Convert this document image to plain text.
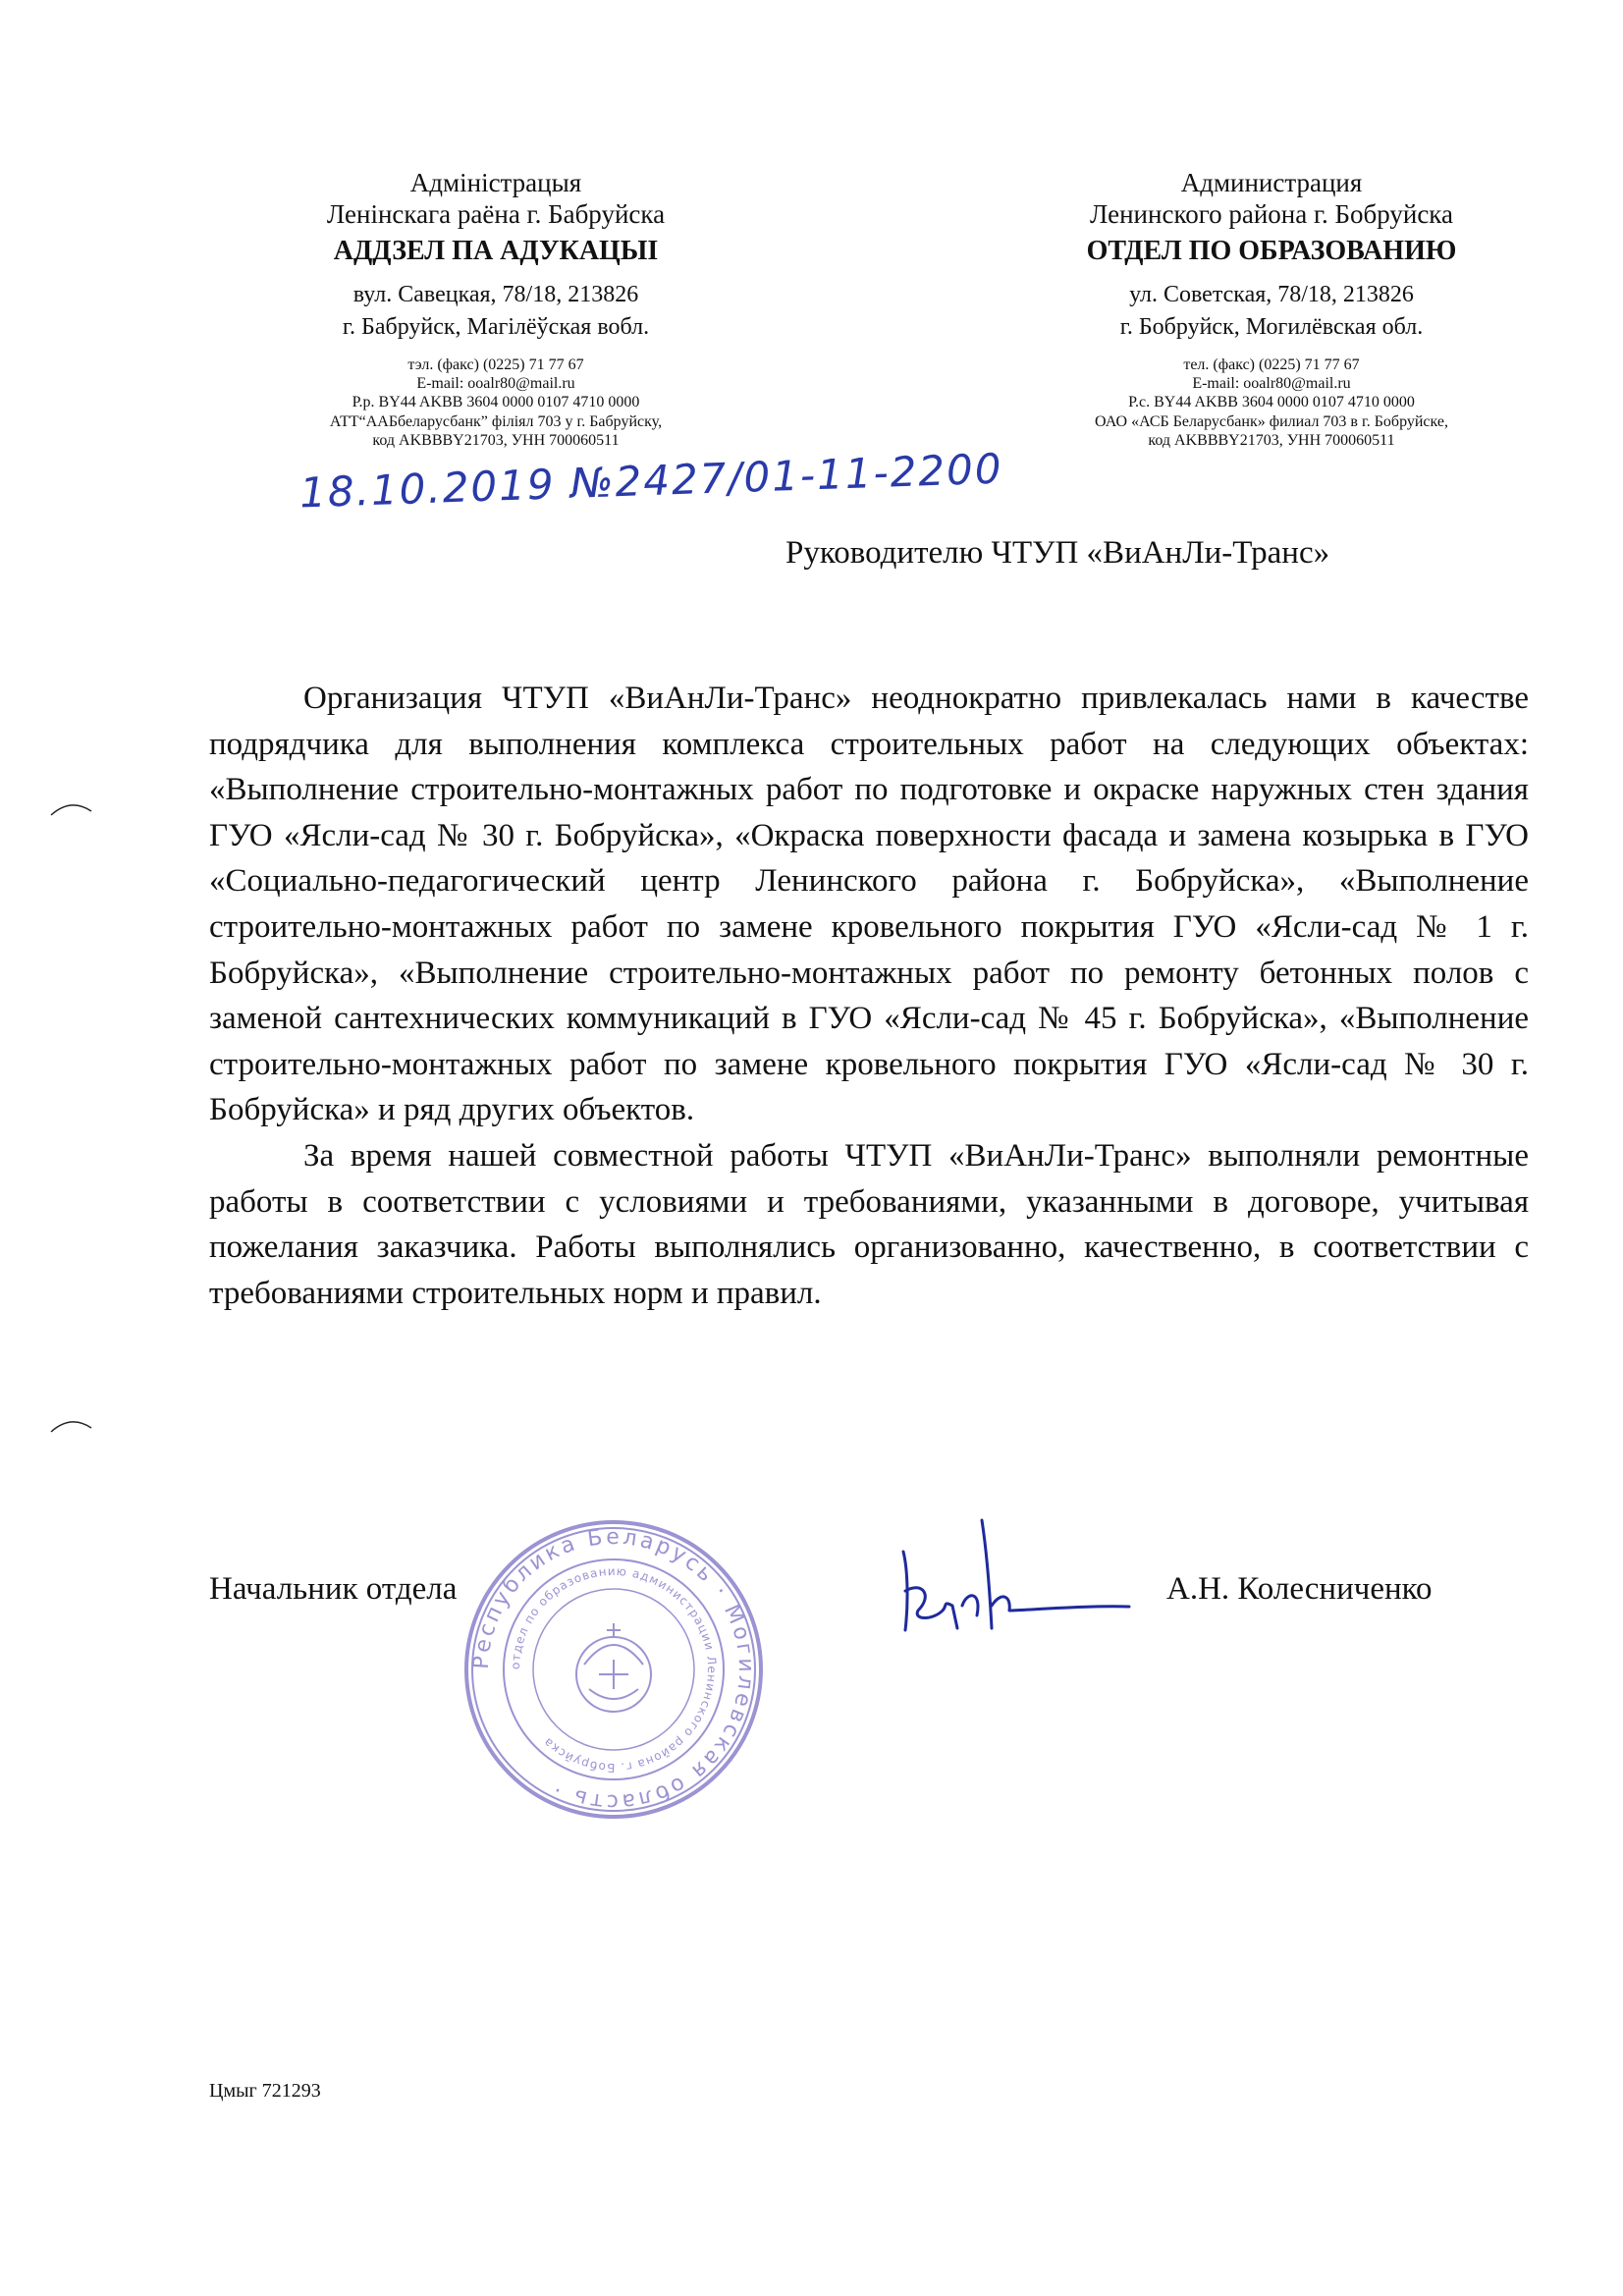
Адміністрацыя
Ленінскага раёна г. Бабруйска
АДДЗЕЛ ПА АДУКАЦЫІ
вул. Савецкая, 78/18, 213826
г. Бабруйск, Магілёўская вобл.
тэл. (факс) (0225) 71 77 67
E-mail: ooalr80@mail.ru
Р.р. BY44 AKBB 3604 0000 0107 4710 0000
АТТ“ААБбеларусбанк” філіял 703 у г. Бабруйску,
код AKBBBY21703, УНН 700060511
Администрация
Ленинского района г. Бобруйска
ОТДЕЛ ПО ОБРАЗОВАНИЮ
ул. Советская, 78/18, 213826
г. Бобруйск, Могилёвская обл.
тел. (факс) (0225) 71 77 67
E-mail: ooalr80@mail.ru
Р.с. BY44 AKBB 3604 0000 0107 4710 0000
ОАО «АСБ Беларусбанк» филиал 703 в г. Бобруйске,
код AKBBBY21703, УНН 700060511
18.10.2019 №2427/01-11-2200
Руководителю ЧТУП «ВиАнЛи-Транс»

Организация ЧТУП «ВиАнЛи-Транс» неоднократно привлекалась нами в качестве подрядчика для выполнения комплекса строительных работ на следующих объектах: «Выполнение строительно-монтажных работ по подготовке и окраске наружных стен здания ГУО «Ясли-сад № 30 г. Бобруйска», «Окраска поверхности фасада и замена козырька в ГУО «Социально-педагогический центр Ленинского района г. Бобруйска», «Выполнение строительно-монтажных работ по замене кровельного покрытия ГУО «Ясли-сад № 1 г. Бобруйска», «Выполнение строительно-монтажных работ по ремонту бетонных полов с заменой сантехнических коммуникаций в ГУО «Ясли-сад № 45 г. Бобруйска», «Выполнение строительно-монтажных работ по замене кровельного покрытия ГУО «Ясли-сад № 30 г. Бобруйска» и ряд других объектов.

За время нашей совместной работы ЧТУП «ВиАнЛи-Транс» выполняли ремонтные работы в соответствии с условиями и требованиями, указанными в договоре, учитывая пожелания заказчика. Работы выполнялись организованно, качественно, в соответствии с требованиями строительных норм и правил.

Начальник отдела	А.Н. Колесниченко
Республика Беларусь · Могилевская область ·
отдел по образованию администрации Ленинского района г. Бобруйска
Цмыг 721293
